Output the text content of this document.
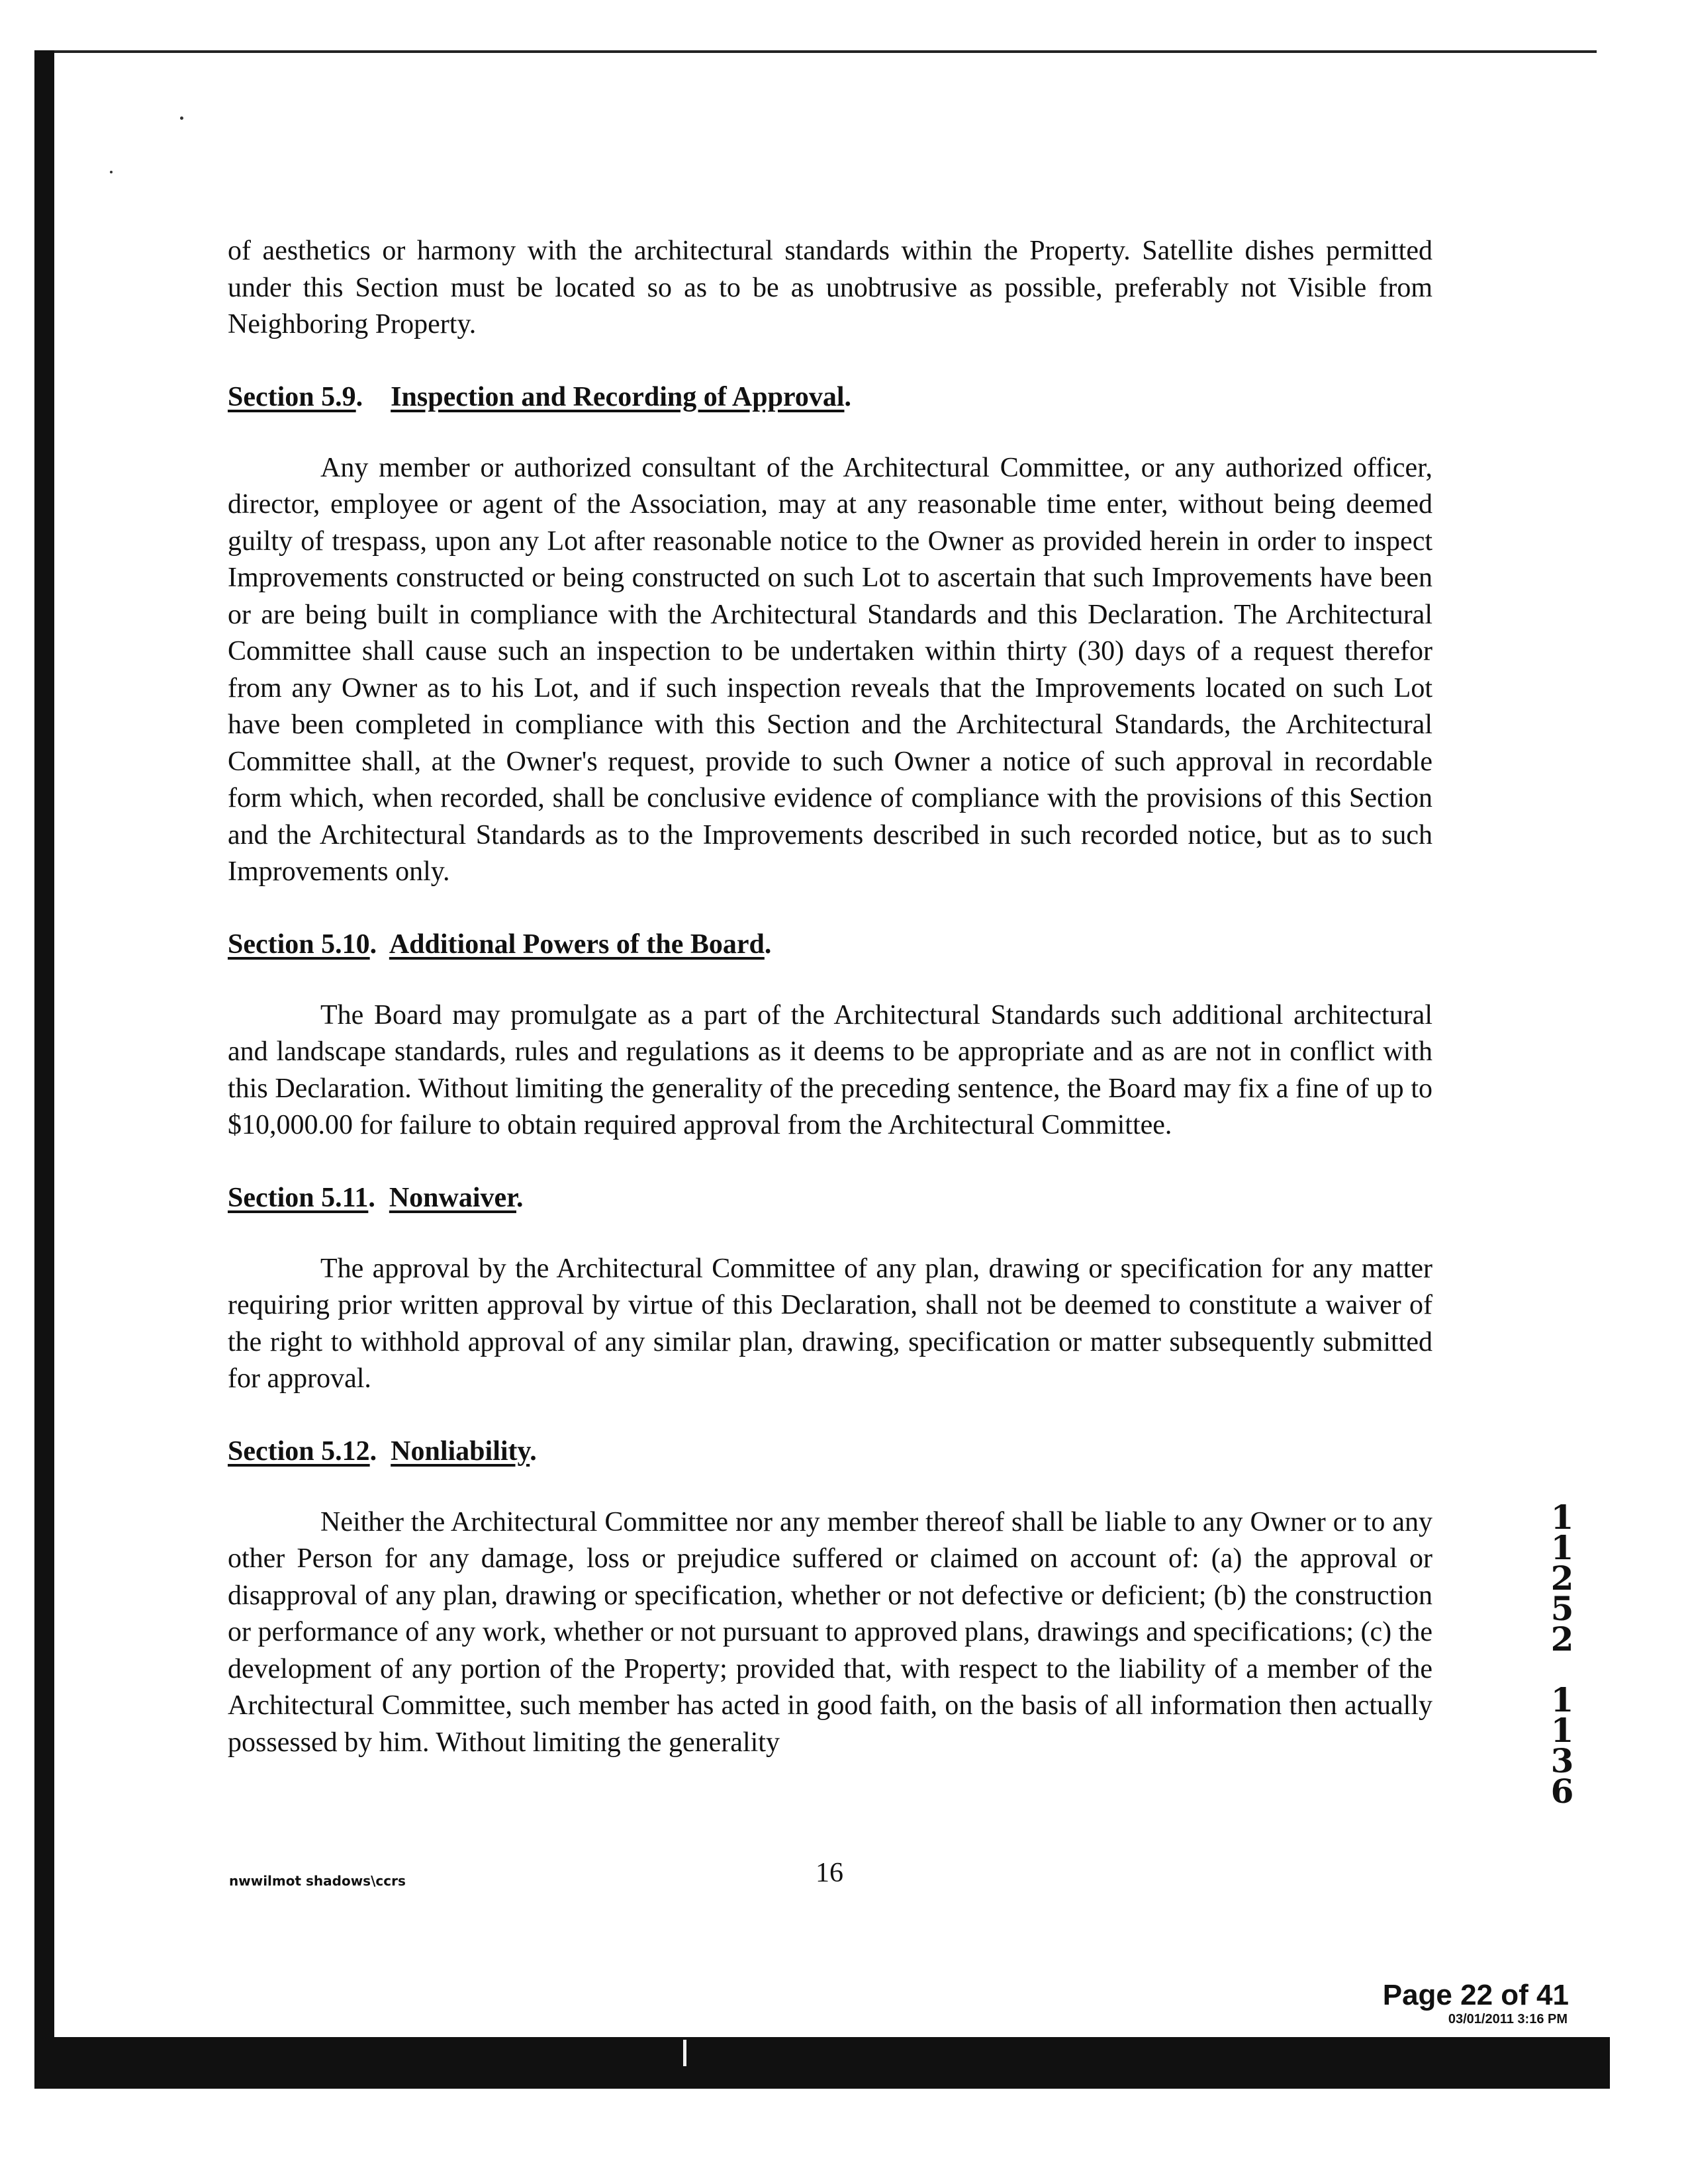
of aesthetics or harmony with the architectural standards within the Property. Satellite dishes permitted under this Section must be located so as to be as unobtrusive as possible, preferably not Visible from Neighboring Property.

Section 5.9.    Inspection and Recording of Approval.

Any member or authorized consultant of the Architectural Committee, or any authorized officer, director, employee or agent of the Association, may at any reasonable time enter, without being deemed guilty of trespass, upon any Lot after reasonable notice to the Owner as provided herein in order to inspect Improvements constructed or being constructed on such Lot to ascertain that such Improvements have been or are being built in compliance with the Architectural Standards and this Declaration. The Architectural Committee shall cause such an inspection to be undertaken within thirty (30) days of a request therefor from any Owner as to his Lot, and if such inspection reveals that the Improvements located on such Lot have been completed in compliance with this Section and the Architectural Standards, the Architectural Committee shall, at the Owner's request, provide to such Owner a notice of such approval in recordable form which, when recorded, shall be conclusive evidence of compliance with the provisions of this Section and the Architectural Standards as to the Improvements described in such recorded notice, but as to such Improvements only.

Section 5.10.  Additional Powers of the Board.

The Board may promulgate as a part of the Architectural Standards such additional architectural and landscape standards, rules and regulations as it deems to be appropriate and as are not in conflict with this Declaration. Without limiting the generality of the preceding sentence, the Board may fix a fine of up to $10,000.00 for failure to obtain required approval from the Architectural Committee.

Section 5.11.  Nonwaiver.

The approval by the Architectural Committee of any plan, drawing or specification for any matter requiring prior written approval by virtue of this Declaration, shall not be deemed to constitute a waiver of the right to withhold approval of any similar plan, drawing, specification or matter subsequently submitted for approval.

Section 5.12.  Nonliability.

Neither the Architectural Committee nor any member thereof shall be liable to any Owner or to any other Person for any damage, loss or prejudice suffered or claimed on account of: (a) the approval or disapproval of any plan, drawing or specification, whether or not defective or deficient; (b) the construction or performance of any work, whether or not pursuant to approved plans, drawings and specifications; (c) the development of any portion of the Property; provided that, with respect to the liability of a member of the Architectural Committee, such member has acted in good faith, on the basis of all information then actually possessed by him. Without limiting the generality

nwwilmot shadows\ccrs	16
1
1
2
5
2

1
1
3
6
Page 22 of 41
03/01/2011 3:16 PM
